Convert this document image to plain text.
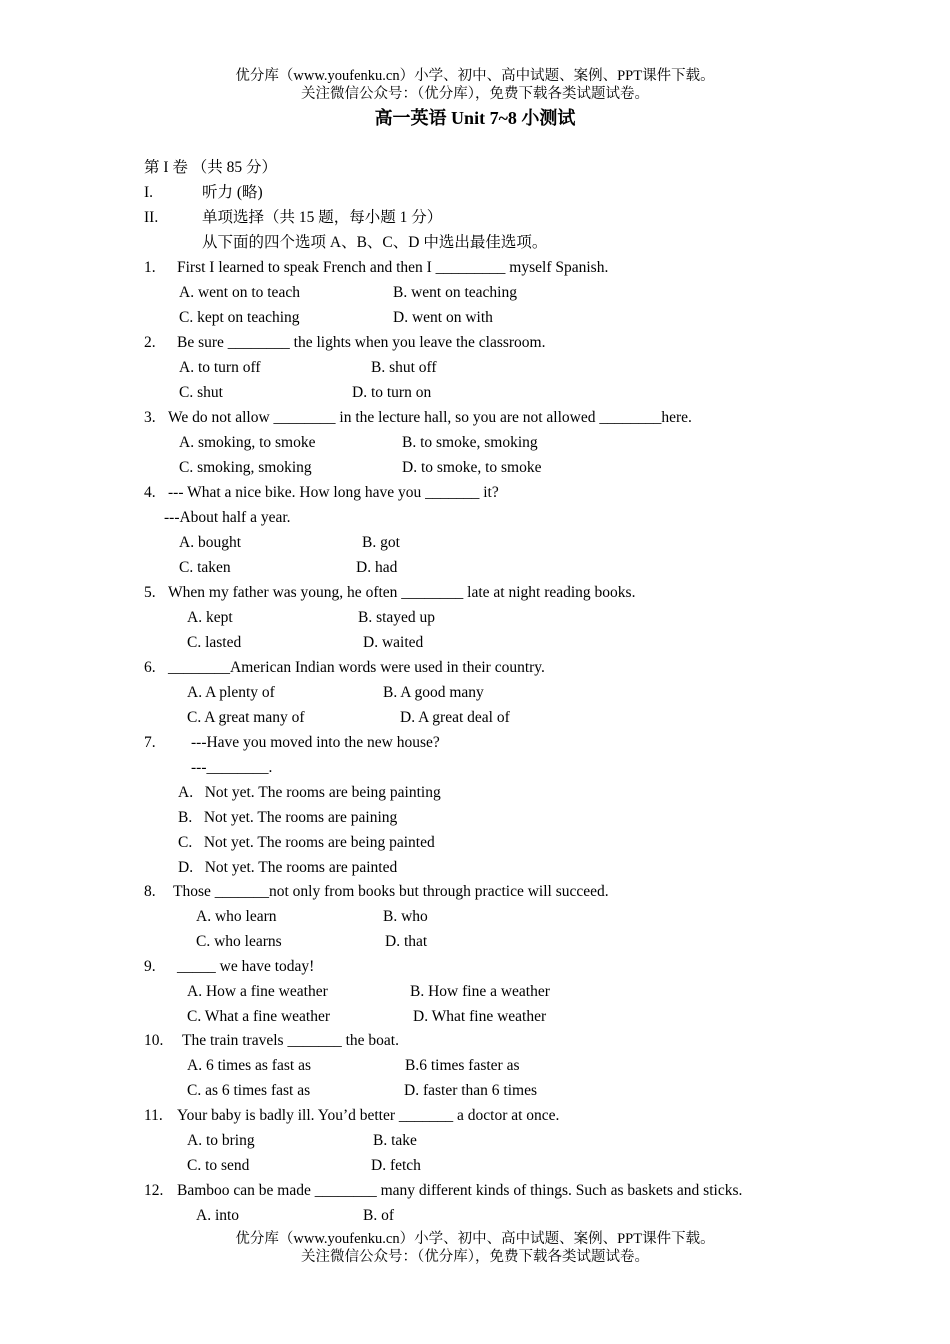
优分库（www.youfenku.cn）小学、初中、高中试题、案例、PPT课件下载。
关注微信公众号：（优分库），免费下载各类试题试卷。
高一英语 Unit 7~8 小测试
第 I 卷 （共 85 分）
I.	听力 (略)
II.	单项选择（共 15 题，每小题 1 分）
从下面的四个选项 A、B、C、D 中选出最佳选项。
1. First I learned to speak French and then I _________ myself Spanish.
A. went on to teach	B. went on teaching
C. kept on teaching	D. went on with
2. Be sure ________ the lights when you leave the classroom.
A. to turn off	B. shut off
C. shut	D. to turn on
3. We do not allow ________ in the lecture hall, so you are not allowed ________here.
A. smoking, to smoke	B. to smoke, smoking
C. smoking, smoking	D. to smoke, to smoke
4. --- What a nice bike. How long have you _______ it?
---About half a year.
A. bought	B. got
C. taken	D. had
5. When my father was young, he often ________ late at night reading books.
A. kept	B. stayed up
C. lasted	D. waited
6. ________American Indian words were used in their country.
A. A plenty of	B. A good many
C. A great many of	D. A great deal of
7. ---Have you moved into the new house?
---________.
A.   Not yet. The rooms are being painting
B.   Not yet. The rooms are paining
C.   Not yet. The rooms are being painted
D.   Not yet. The rooms are painted
8. Those _______not only from books but through practice will succeed.
A. who learn	B. who
C. who learns	D. that
9. _____ we have today!
A. How a fine weather	B. How fine a weather
C. What a fine weather	D. What fine weather
10. The train travels _______ the boat.
A. 6 times as fast as	B.6 times faster as
C. as 6 times fast as	D. faster than 6 times
11. Your baby is badly ill. You’d better _______ a doctor at once.
A. to bring	B. take
C. to send	D. fetch
12. Bamboo can be made ________ many different kinds of things. Such as baskets and sticks.
A. into	B. of
优分库（www.youfenku.cn）小学、初中、高中试题、案例、PPT课件下载。
关注微信公众号：（优分库），免费下载各类试题试卷。
